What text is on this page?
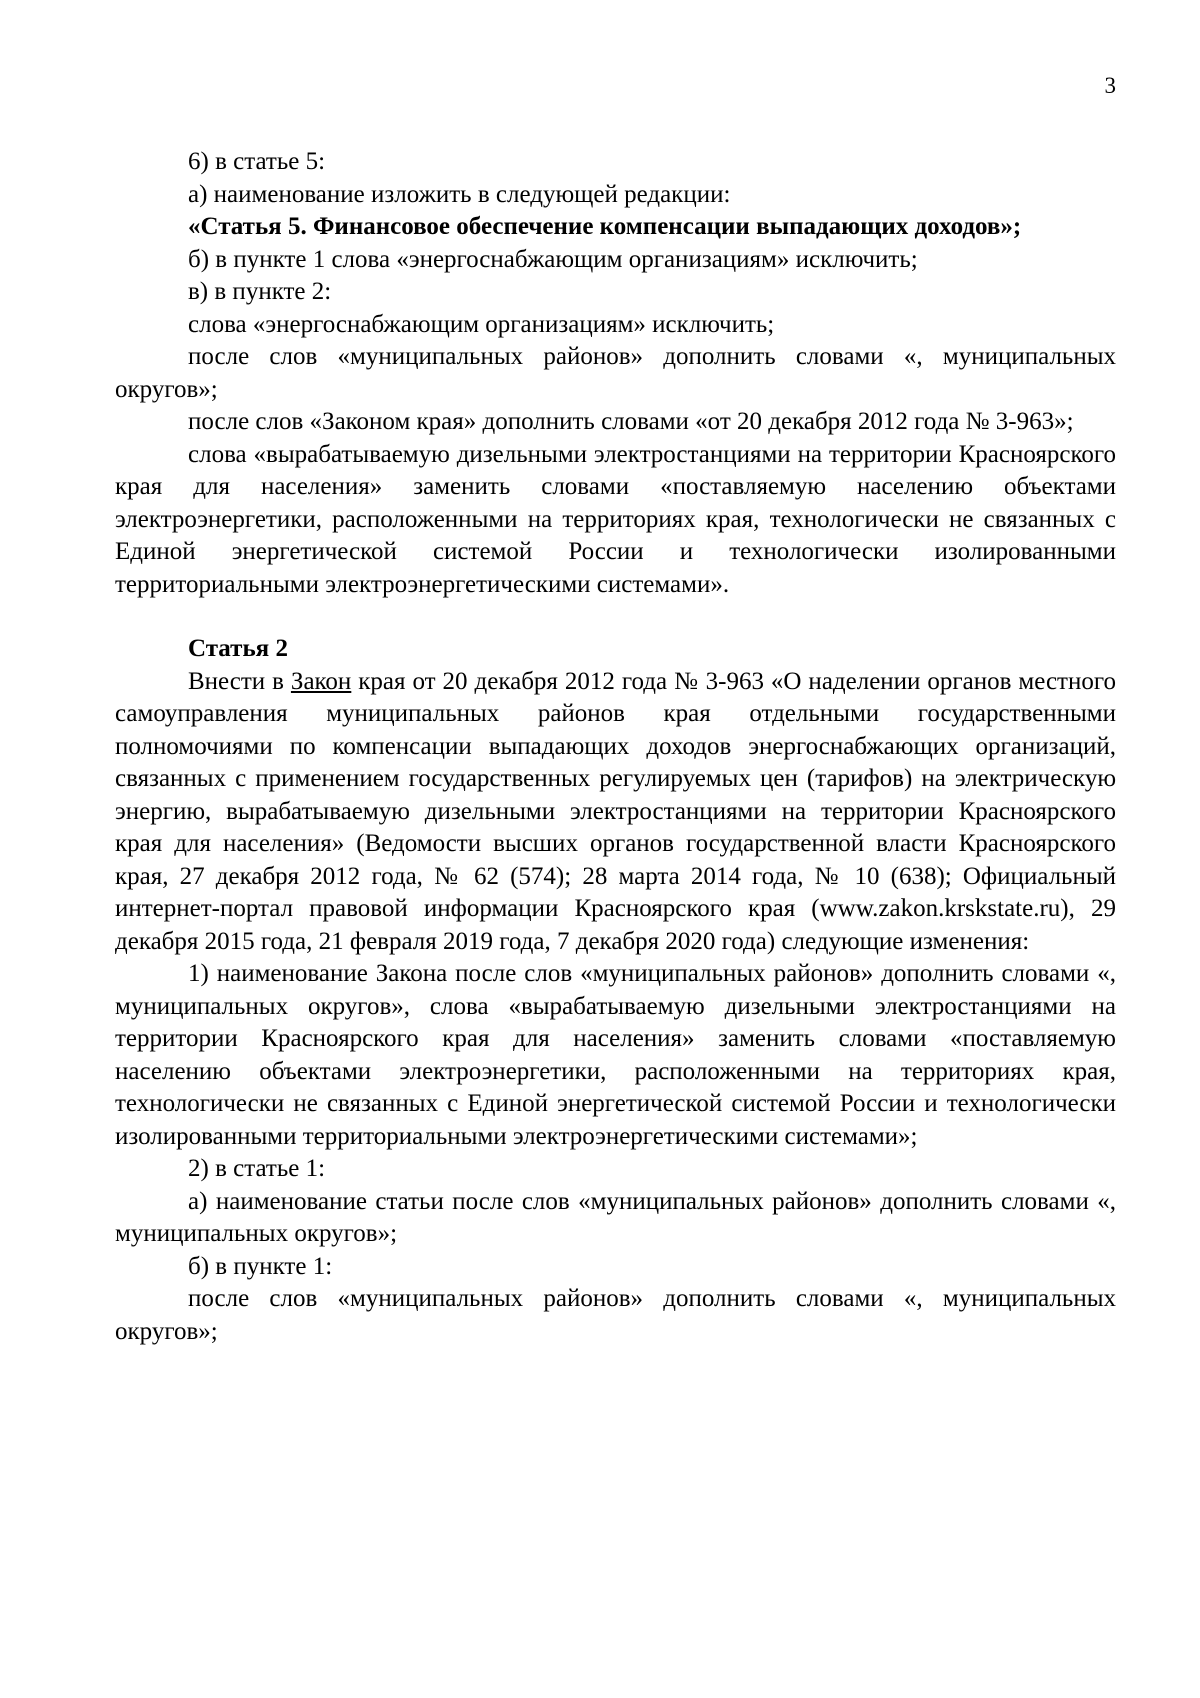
3

6) в статье 5:

а) наименование изложить в следующей редакции:

«Статья 5. Финансовое обеспечение компенсации выпадающих доходов»;

б) в пункте 1 слова «энергоснабжающим организациям» исключить;

в) в пункте 2:

слова «энергоснабжающим организациям» исключить;

после слов «муниципальных районов» дополнить словами «, муниципальных округов»;

после слов «Законом края» дополнить словами «от 20 декабря 2012 года № 3-963»;

слова «вырабатываемую дизельными электростанциями на территории Красноярского края для населения» заменить словами «поставляемую населению объектами электроэнергетики, расположенными на территориях края, технологически не связанных с Единой энергетической системой России и технологически изолированными территориальными электроэнергетическими системами».

Статья 2

Внести в Закон края от 20 декабря 2012 года № 3-963 «О наделении органов местного самоуправления муниципальных районов края отдельными государственными полномочиями по компенсации выпадающих доходов энергоснабжающих организаций, связанных с применением государственных регулируемых цен (тарифов) на электрическую энергию, вырабатываемую дизельными электростанциями на территории Красноярского края для населения» (Ведомости высших органов государственной власти Красноярского края, 27 декабря 2012 года, № 62 (574); 28 марта 2014 года, № 10 (638); Официальный интернет-портал правовой информации Красноярского края (www.zakon.krskstate.ru), 29 декабря 2015 года, 21 февраля 2019 года, 7 декабря 2020 года) следующие изменения:

1) наименование Закона после слов «муниципальных районов» дополнить словами «, муниципальных округов», слова «вырабатываемую дизельными электростанциями на территории Красноярского края для населения» заменить словами «поставляемую населению объектами электроэнергетики, расположенными на территориях края, технологически не связанных с Единой энергетической системой России и технологически изолированными территориальными электроэнергетическими системами»;

2) в статье 1:

а) наименование статьи после слов «муниципальных районов» дополнить словами «, муниципальных округов»;

б) в пункте 1:

после слов «муниципальных районов» дополнить словами «, муниципальных округов»;
